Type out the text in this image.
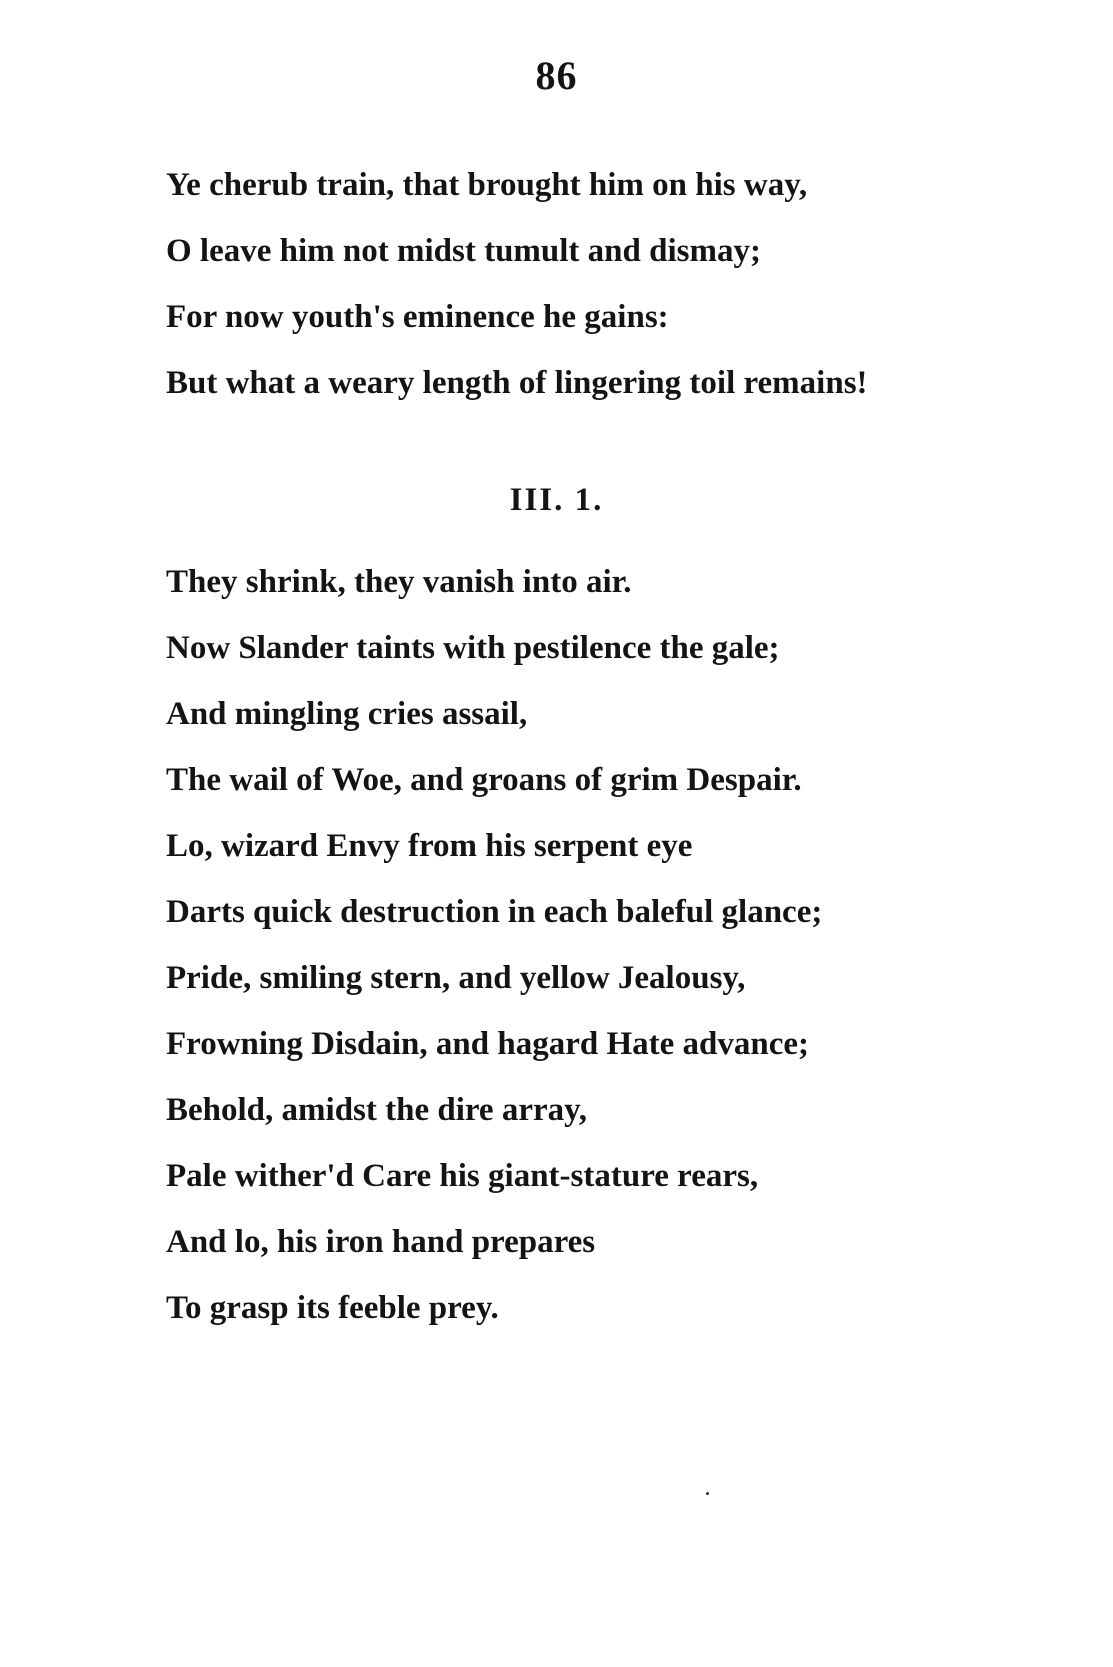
86
Ye cherub train, that brought him on his way,
O leave him not midst tumult and dismay;
For now youth's eminence he gains:
But what a weary length of lingering toil remains!
III. 1.
They shrink, they vanish into air.
Now Slander taints with pestilence the gale;
And mingling cries assail,
The wail of Woe, and groans of grim Despair.
Lo, wizard Envy from his serpent eye
Darts quick destruction in each baleful glance;
Pride, smiling stern, and yellow Jealousy,
Frowning Disdain, and hagard Hate advance;
Behold, amidst the dire array,
Pale wither'd Care his giant-stature rears,
And lo, his iron hand prepares
To grasp its feeble prey.
